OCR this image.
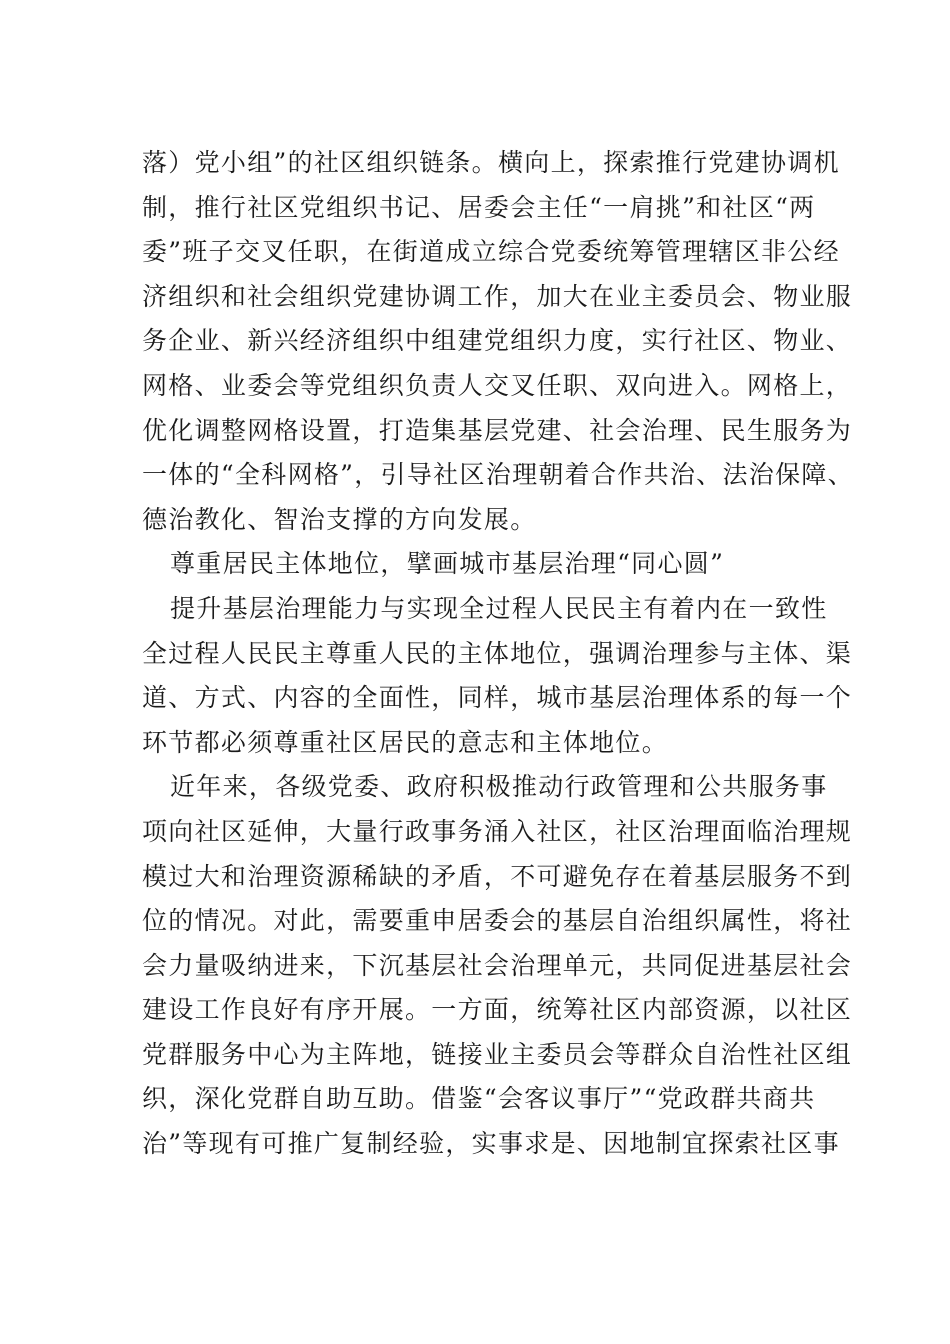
落）党小组”的社区组织链条。横向上，探索推行党建协调机
制，推行社区党组织书记、居委会主任“一肩挑”和社区“两
委”班子交叉任职，在街道成立综合党委统筹管理辖区非公经
济组织和社会组织党建协调工作，加大在业主委员会、物业服
务企业、新兴经济组织中组建党组织力度，实行社区、物业、
网格、业委会等党组织负责人交叉任职、双向进入。网格上，
优化调整网格设置，打造集基层党建、社会治理、民生服务为
一体的“全科网格”，引导社区治理朝着合作共治、法治保障、
德治教化、智治支撑的方向发展。
尊重居民主体地位，擘画城市基层治理“同心圆”
提升基层治理能力与实现全过程人民民主有着内在一致性
全过程人民民主尊重人民的主体地位，强调治理参与主体、渠
道、方式、内容的全面性，同样，城市基层治理体系的每一个
环节都必须尊重社区居民的意志和主体地位。
近年来，各级党委、政府积极推动行政管理和公共服务事
项向社区延伸，大量行政事务涌入社区，社区治理面临治理规
模过大和治理资源稀缺的矛盾，不可避免存在着基层服务不到
位的情况。对此，需要重申居委会的基层自治组织属性，将社
会力量吸纳进来，下沉基层社会治理单元，共同促进基层社会
建设工作良好有序开展。一方面，统筹社区内部资源，以社区
党群服务中心为主阵地，链接业主委员会等群众自治性社区组
织，深化党群自助互助。借鉴“会客议事厅”“党政群共商共
治”等现有可推广复制经验，实事求是、因地制宜探索社区事
